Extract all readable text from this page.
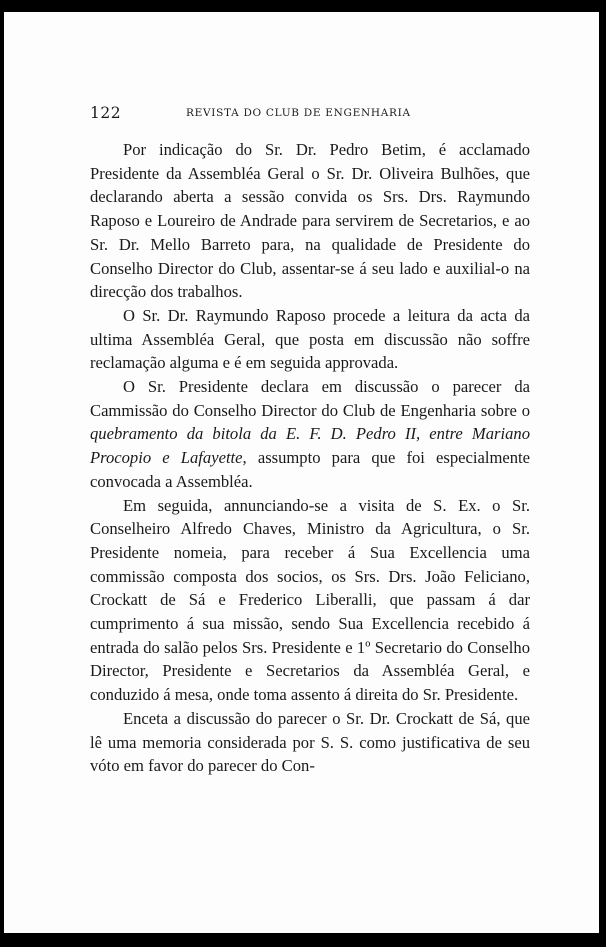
122	REVISTA DO CLUB DE ENGENHARIA

Por indicação do Sr. Dr. Pedro Betim, é acclamado Presidente da Assembléa Geral o Sr. Dr. Oliveira Bulhões, que declarando aberta a sessão convida os Srs. Drs. Raymundo Raposo e Loureiro de Andrade para servirem de Secretarios, e ao Sr. Dr. Mello Barreto para, na qualidade de Presidente do Conselho Director do Club, assentar-se á seu lado e auxilial-o na direcção dos trabalhos.

O Sr. Dr. Raymundo Raposo procede a leitura da acta da ultima Assembléa Geral, que posta em discussão não soffre reclamação alguma e é em seguida approvada.

O Sr. Presidente declara em discussão o parecer da Cammissão do Conselho Director do Club de Engenharia sobre o quebramento da bitola da E. F. D. Pedro II, entre Mariano Procopio e Lafayette, assumpto para que foi especialmente convocada a Assembléa.

Em seguida, annunciando-se a visita de S. Ex. o Sr. Conselheiro Alfredo Chaves, Ministro da Agricultura, o Sr. Presidente nomeia, para receber á Sua Excellencia uma commissão composta dos socios, os Srs. Drs. João Feliciano, Crockatt de Sá e Frederico Liberalli, que passam á dar cumprimento á sua missão, sendo Sua Excellencia recebido á entrada do salão pelos Srs. Presidente e 1º Secretario do Conselho Director, Presidente e Secretarios da Assembléa Geral, e conduzido á mesa, onde toma assento á direita do Sr. Presidente.

Enceta a discussão do parecer o Sr. Dr. Crockatt de Sá, que lê uma memoria considerada por S. S. como justificativa de seu vóto em favor do parecer do Con-
